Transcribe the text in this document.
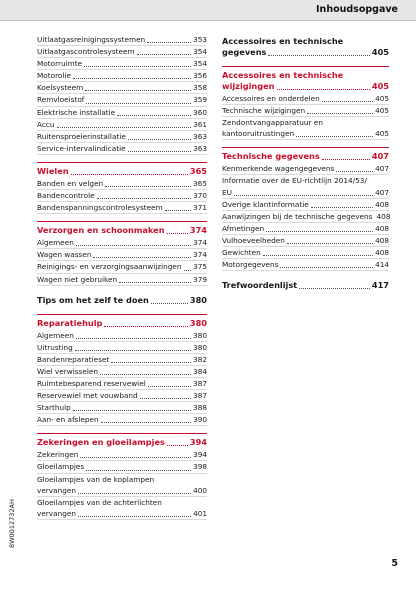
Inhoudsopgave
Uitlaatgasreinigingssystemen	353
Uitlaatgascontrolesysteem	354
Motorruimte	354
Motorolie	356
Koelsysteem	358
Remvloeistof	359
Elektrische installatie	360
Accu	361
Ruitensproeierinstallatie	363
Service-intervalindicatie	363
Wielen	365
Banden en velgen	365
Bandencontrole	370
Bandenspanningscontrolesysteem	371
Verzorgen en schoonmaken	374
Algemeen	374
Wagen wassen	374
Reinigings- en verzorgingsaanwijzingen 375
Wagen niet gebruiken	379
Tips om het zelf te doen	380
Reparatiehulp	380
Algemeen	380
Uitrusting	380
Bandenreparatieset	382
Wiel verwisselen	384
Ruimtebesparend reservewiel	387
Reservewiel met vouwband	387
Starthulp	388
Aan- en afslepen	390
Zekeringen en gloeilampjes	394
Zekeringen	394
Gloeilampjes	398
Gloeilampjes van de koplampen
vervangen	400
Gloeilampjes van de achterlichten
vervangen	401
Accessoires en technische
gegevens	405
Accessoires en technische
wijzigingen	405
Accessoires en onderdelen	405
Technische wijzigingen	405
Zendontvangapparatuur en
kantooruitrustingen	405
Technische gegevens	407
Kenmerkende wagengegevens	407
Informatie over de EU-richtlijn 2014/53/
EU	407
Overige klantinformatie	408
Aanwijzingen bij de technische gegevens 408
Afmetingen	408
Vulhoeveelheden	408
Gewichten	408
Motorgegevens	414
Trefwoordenlijst	417
8W0012732AH
5
